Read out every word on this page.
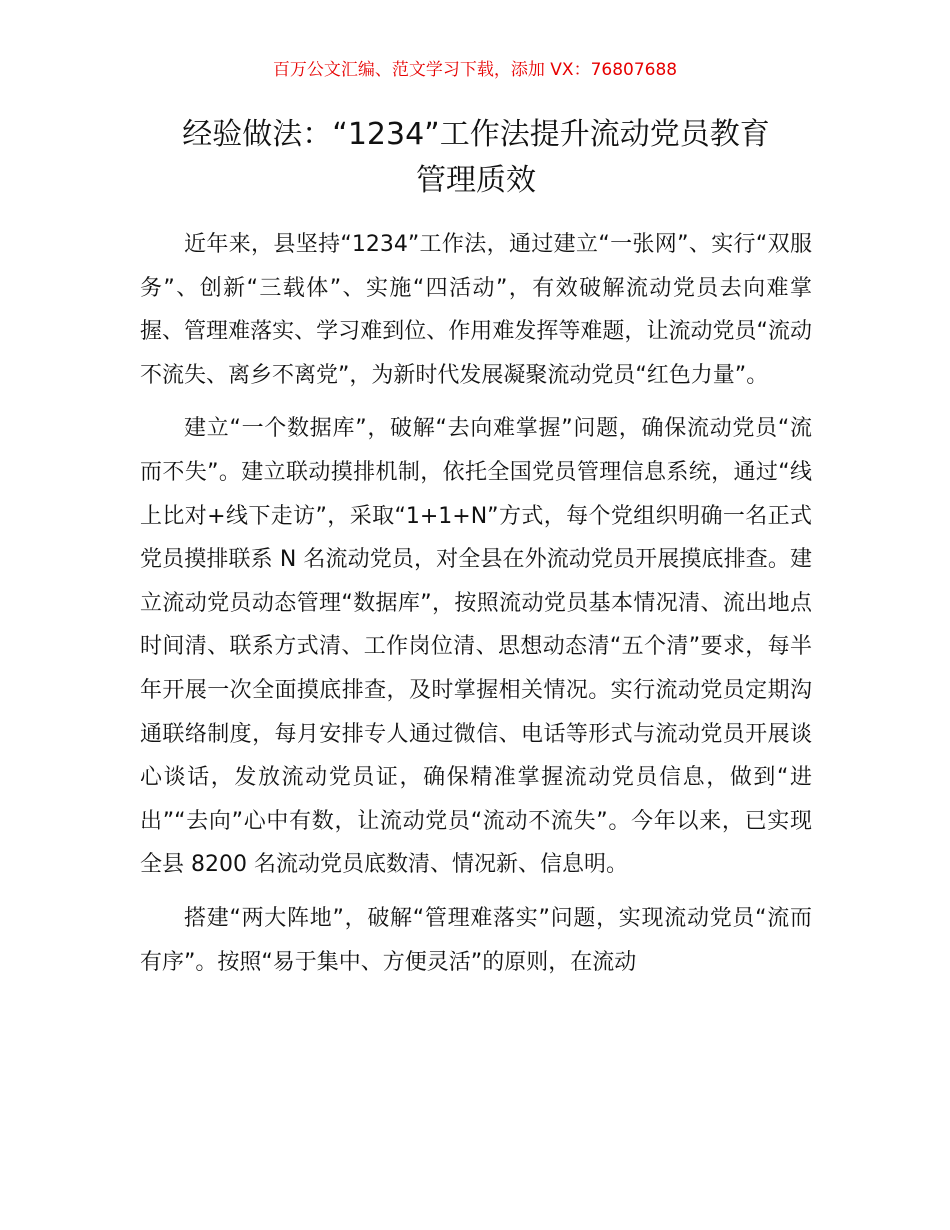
百万公文汇编、范文学习下载，添加 VX：76807688
经验做法：“1234”工作法提升流动党员教育
管理质效

近年来，县坚持“1234”工作法，通过建立“一张网”、实行“双服务”、创新“三载体”、实施“四活动”，有效破解流动党员去向难掌握、管理难落实、学习难到位、作用难发挥等难题，让流动党员“流动不流失、离乡不离党”，为新时代发展凝聚流动党员“红色力量”。

建立“一个数据库”，破解“去向难掌握”问题，确保流动党员“流而不失”。建立联动摸排机制，依托全国党员管理信息系统，通过“线上比对+线下走访”，采取“1+1+N”方式，每个党组织明确一名正式党员摸排联系 N 名流动党员，对全县在外流动党员开展摸底排查。建立流动党员动态管理“数据库”，按照流动党员基本情况清、流出地点时间清、联系方式清、工作岗位清、思想动态清“五个清”要求，每半年开展一次全面摸底排查，及时掌握相关情况。实行流动党员定期沟通联络制度，每月安排专人通过微信、电话等形式与流动党员开展谈心谈话，发放流动党员证，确保精准掌握流动党员信息，做到“进出”“去向”心中有数，让流动党员“流动不流失”。今年以来，已实现全县 8200 名流动党员底数清、情况新、信息明。

搭建“两大阵地”，破解“管理难落实”问题，实现流动党员“流而有序”。按照“易于集中、方便灵活”的原则，在流动
